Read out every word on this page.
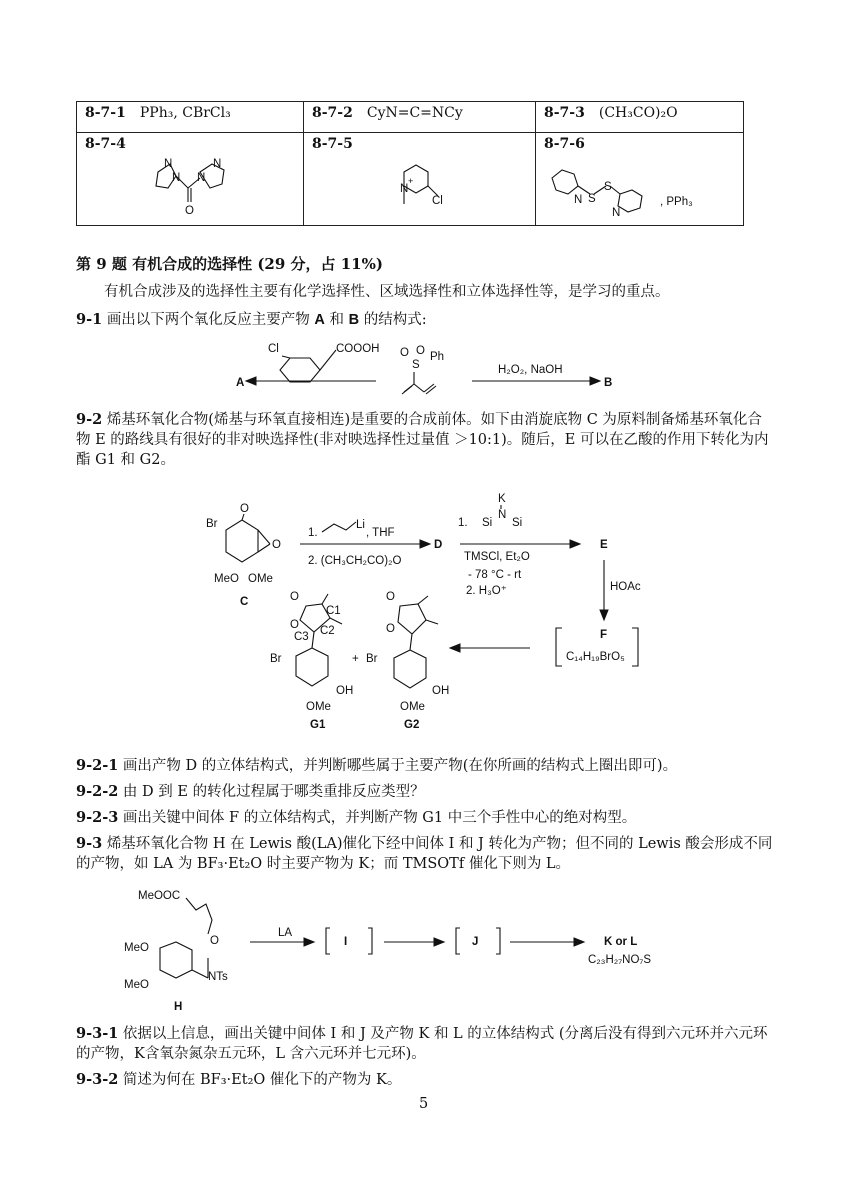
8-7-1 PPh₃, CBrCl₃	8-7-2 CyN=C=NCy	8-7-3 (CH₃CO)₂O
8-7-4	8-7-5	8-7-6
N
N N
N
O
N
+
Cl	N S
S
N
, PPh₃
Cl	COOOH
A
O O
S
Ph
H₂O₂, NaOH
B
Br
O
O
MeO OMe
C
1.
Li
, THF
2. (CH₃CH₂CO)₂O
D
K
N
Si Si
1.
TMSCl, Et₂O
- 78 °C - rt
2. H₃O⁺
E
HOAc
F
C₁₄H₁₉BrO₅
O
O
C1
C2
C3
Br
OH
OMe
G1
+
O
O
Br
OH
OMe
G2
MeOOC
O
MeO
MeO
NTs
H
LA
I	J	K or L
C₂₃H₂₇NO₇S
第 9 题 有机合成的选择性 (29 分，占 11%)
有机合成涉及的选择性主要有化学选择性、区域选择性和立体选择性等，是学习的重点。
9-1 画出以下两个氧化反应主要产物 A 和 B 的结构式:
9-2 烯基环氧化合物(烯基与环氧直接相连)是重要的合成前体。如下由消旋底物 C 为原料制备烯基环氧化合
物 E 的路线具有很好的非对映选择性(非对映选择性过量值 ＞10:1)。随后，E 可以在乙酸的作用下转化为内
酯 G1 和 G2。
9-2-1 画出产物 D 的立体结构式，并判断哪些属于主要产物(在你所画的结构式上圈出即可)。
9-2-2 由 D 到 E 的转化过程属于哪类重排反应类型？
9-2-3 画出关键中间体 F 的立体结构式，并判断产物 G1 中三个手性中心的绝对构型。
9-3 烯基环氧化合物 H 在 Lewis 酸(LA)催化下经中间体 I 和 J 转化为产物；但不同的 Lewis 酸会形成不同
的产物，如 LA 为 BF₃·Et₂O 时主要产物为 K；而 TMSOTf 催化下则为 L。
9-3-1 依据以上信息，画出关键中间体 I 和 J 及产物 K 和 L 的立体结构式 (分离后没有得到六元环并六元环
的产物，K含氧杂氮杂五元环，L 含六元环并七元环)。
9-3-2 简述为何在 BF₃·Et₂O 催化下的产物为 K。
5
